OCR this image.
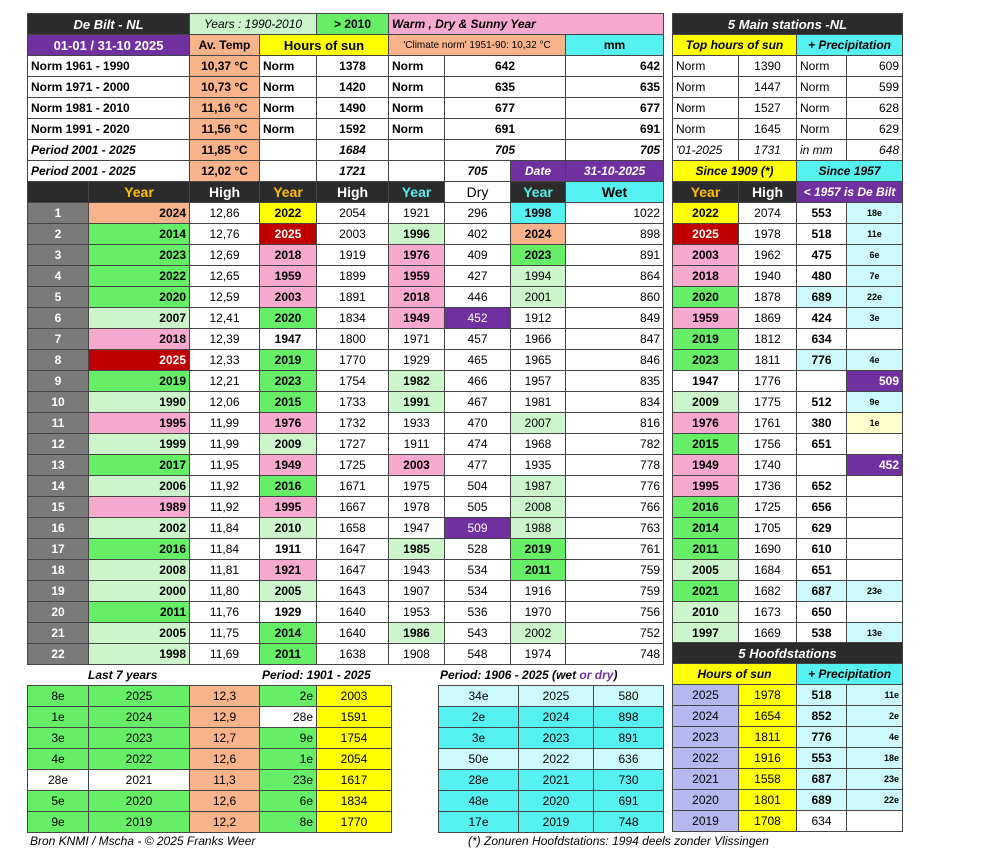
De Bilt - NL		Years : 1990-2010		> 2010	Warm , Dry & Sunny Year			
01-01 / 31-10 2025		Av. Temp	Hours of sun		'Climate norm' 1951-90: 10,32 °C			mm
Norm 1961 - 1990		10,37 °C	Norm	1378	Norm	642		642
Norm 1971 - 2000		10,73 °C	Norm	1420	Norm	635		635
Norm 1981 - 2010		11,16 °C	Norm	1490	Norm	677		677
Norm 1991 - 2020		11,56 °C	Norm	1592	Norm	691		691
Period 2001 - 2025		11,85 °C		1684		705		705
Period 2001 - 2025		12,02 °C		1721		705	Date	31-10-2025
	Year	High	Year	High	Year	Dry	Year	Wet
1	2024	12,86	2022	2054	1921	296	1998	1022
2	2014	12,76	2025	2003	1996	402	2024	898
3	2023	12,69	2018	1919	1976	409	2023	891
4	2022	12,65	1959	1899	1959	427	1994	864
5	2020	12,59	2003	1891	2018	446	2001	860
6	2007	12,41	2020	1834	1949	452	1912	849
7	2018	12,39	1947	1800	1971	457	1966	847
8	2025	12,33	2019	1770	1929	465	1965	846
9	2019	12,21	2023	1754	1982	466	1957	835
10	1990	12,06	2015	1733	1991	467	1981	834
11	1995	11,99	1976	1732	1933	470	2007	816
12	1999	11,99	2009	1727	1911	474	1968	782
13	2017	11,95	1949	1725	2003	477	1935	778
14	2006	11,92	2016	1671	1975	504	1987	776
15	1989	11,92	1995	1667	1978	505	2008	766
16	2002	11,84	2010	1658	1947	509	1988	763
17	2016	11,84	1911	1647	1985	528	2019	761
18	2008	11,81	1921	1647	1943	534	2011	759
19	2000	11,80	2005	1643	1907	534	1916	759
20	2011	11,76	1929	1640	1953	536	1970	756
21	2005	11,75	2014	1640	1986	543	2002	752
22	1998	11,69	2011	1638	1908	548	1974	748
5 Main stations -NL			
Top hours of sun		+ Precipitation	
Norm	1390	Norm	609
Norm	1447	Norm	599
Norm	1527	Norm	628
Norm	1645	Norm	629
'01-2025	1731	in mm	648
Since 1909 (*)		Since 1957	
Year	High	< 1957 is De Bilt	
2022	2074	553	18e
2025	1978	518	11e
2003	1962	475	6e
2018	1940	480	7e
2020	1878	689	22e
1959	1869	424	3e
2019	1812	634	
2023	1811	776	4e
1947	1776		509
2009	1775	512	9e
1976	1761	380	1e
2015	1756	651	
1949	1740		452
1995	1736	652	
2016	1725	656	
2014	1705	629	
2011	1690	610	
2005	1684	651	
2021	1682	687	23e
2010	1673	650	
1997	1669	538	13e
5 Hoofdstations			
Hours of sun		+ Precipitation	
2025	1978	518	11e
2024	1654	852	2e
2023	1811	776	4e
2022	1916	553	18e
2021	1558	687	23e
2020	1801	689	22e
2019	1708	634	
Last 7 years	Period: 1901 - 2025	Period: 1906 - 2025 (wet or dry)
8e	2025	12,3	2e	2003
1e	2024	12,9	28e	1591
3e	2023	12,7	9e	1754
4e	2022	12,6	1e	2054
28e	2021	11,3	23e	1617
5e	2020	12,6	6e	1834
9e	2019	12,2	8e	1770
34e	2025	580
2e	2024	898
3e	2023	891
50e	2022	636
28e	2021	730
48e	2020	691
17e	2019	748
Bron KNMI / Mscha - © 2025 Franks Weer	(*) Zonuren Hoofdstations: 1994 deels zonder Vlissingen
